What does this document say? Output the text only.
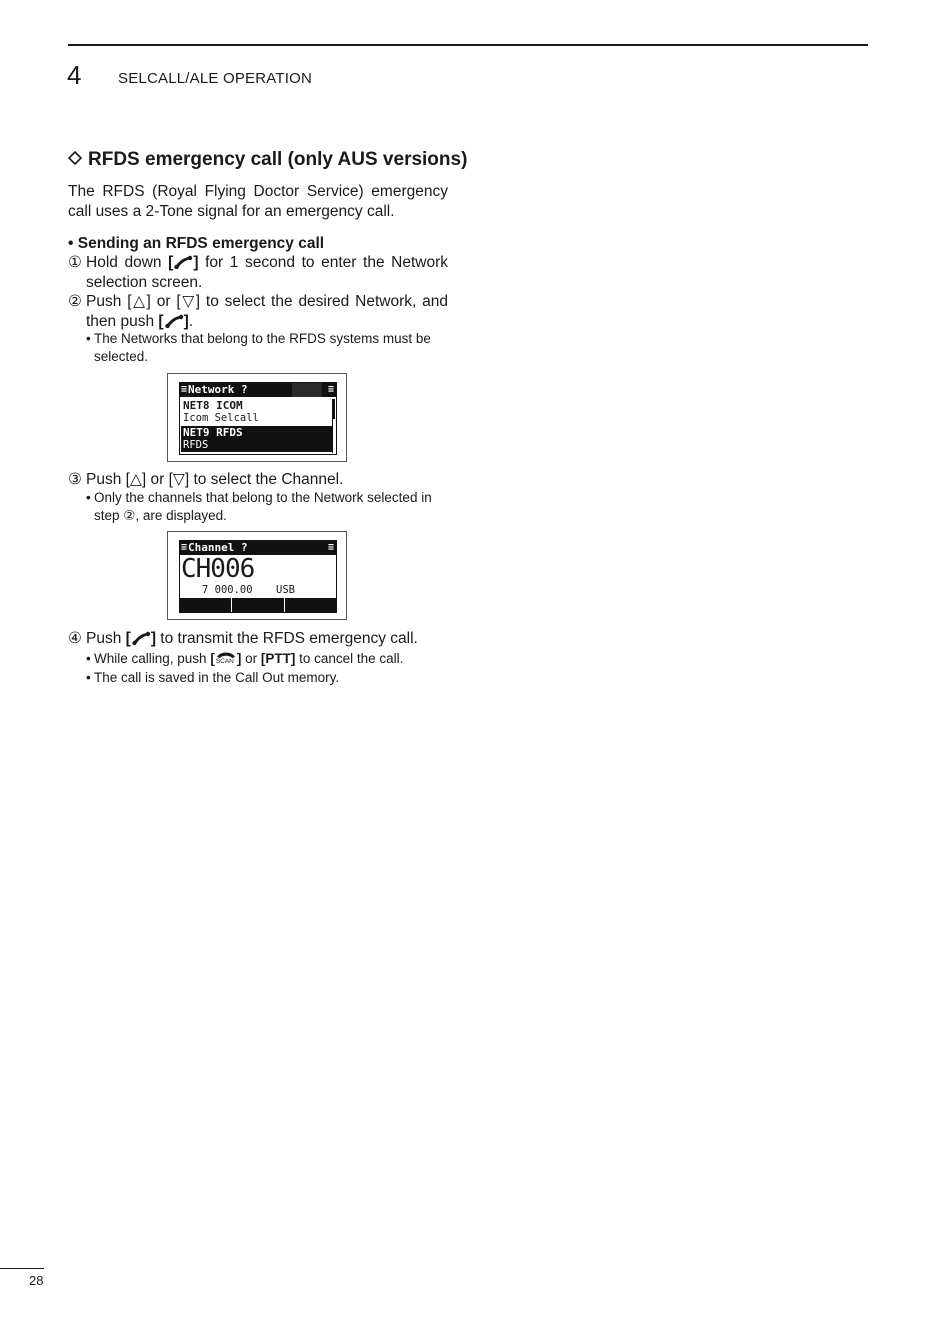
4 SELCALL/ALE OPERATION
RFDS emergency call (only AUS versions)
The RFDS (Royal Flying Doctor Service) emergency call uses a 2-Tone signal for an emergency call.
• Sending an RFDS emergency call
① Hold down [ ] for 1 second to enter the Network selection screen.
② Push [△] or [▽] to select the desired Network, and then push [ ].
• The Networks that belong to the RFDS systems must be selected.
≡ Network ?	≡
NET8 ICOM
Icom Selcall
NET9 RFDS
RFDS
③ Push [△] or [▽] to select the Channel.
• Only the channels that belong to the Network selected in step ②, are displayed.
≡ Channel ?	≡
CH006
7 000.00 USB
④ Push [ ] to transmit the RFDS emergency call.
• While calling, push [ SCAN ] or [PTT] to cancel the call.
• The call is saved in the Call Out memory.
28
